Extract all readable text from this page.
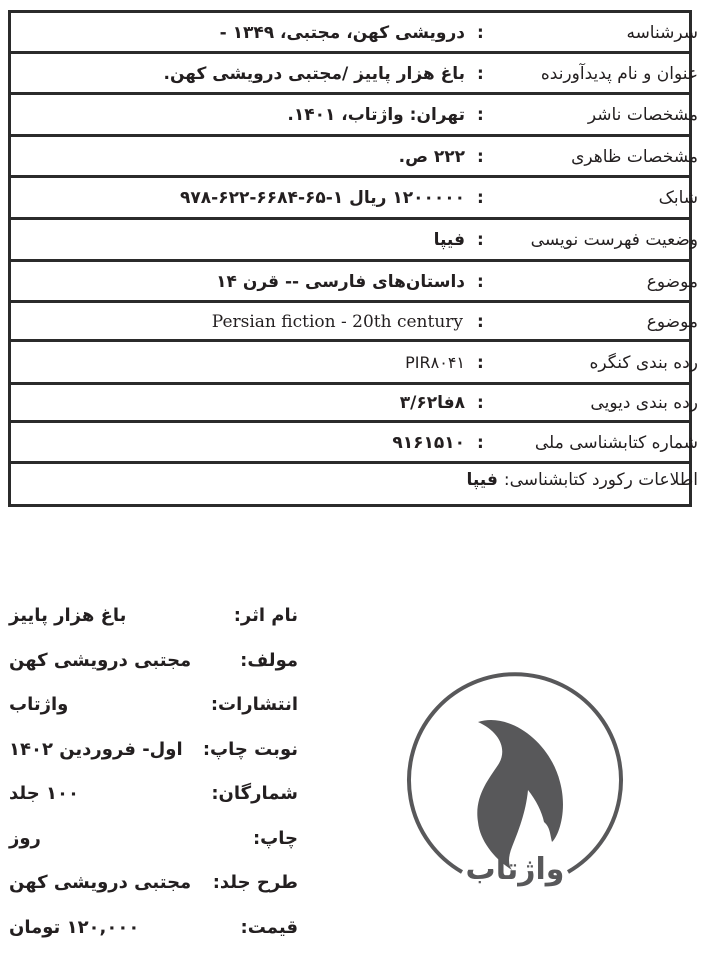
سرشناسه
:
درویشی کهن، مجتبی، ۱۳۴۹ -
عنوان و نام پدیدآورنده
:
باغ هزار پاییز /مجتبی درویشی کهن.
مشخصات ناشر
:
تهران: واژتاب، ۱۴۰۱.
مشخصات ظاهری
:
۲۲۲ ص.
شابک
:
۱۲۰۰۰۰۰ ریال ۱-۶۵-۶۶۸۴-۶۲۲-۹۷۸
وضعیت فهرست نویسی
:
فیپا
موضوع
:
داستان‌های فارسی -- قرن ۱۴
موضوع
:
Persian fiction - 20th century
رده بندی کنگره
:
PIR۸۰۴۱
رده بندی دیویی
:
۸فا۳/۶۲
شماره کتابشناسی ملی
:
۹۱۶۱۵۱۰
اطلاعات رکورد کتابشناسی:
فیپا
نام اثر:
باغ هزار پاییز
مولف:
مجتبی درویشی کهن
انتشارات:
واژتاب
نوبت چاپ:
اول- فروردین ۱۴۰۲
شمارگان:
۱۰۰ جلد
چاپ:
روز
طرح جلد:
مجتبی درویشی کهن
قیمت:
۱۲۰,۰۰۰ تومان
واژتاب
